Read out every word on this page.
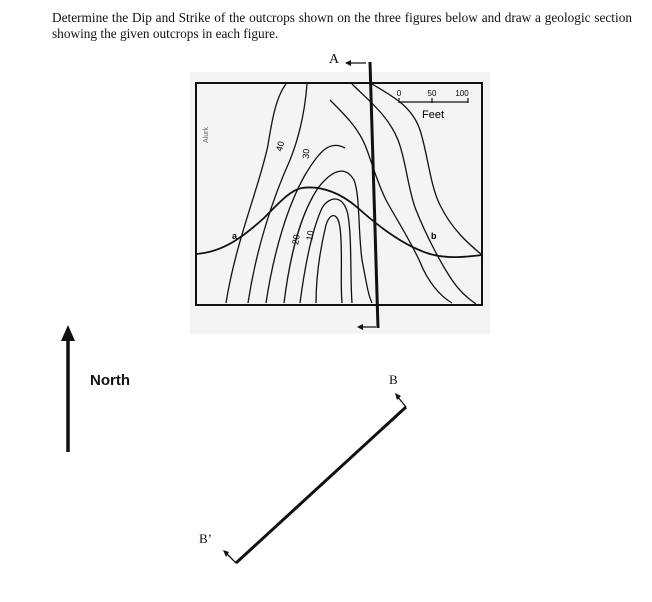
Determine the Dip and Strike of the outcrops shown on the three figures below and draw a geologic section showing the given outcrops in each figure.

A
B
B’
North
40
30
20 10
a	b
Alurk
0	50 100
Feet
